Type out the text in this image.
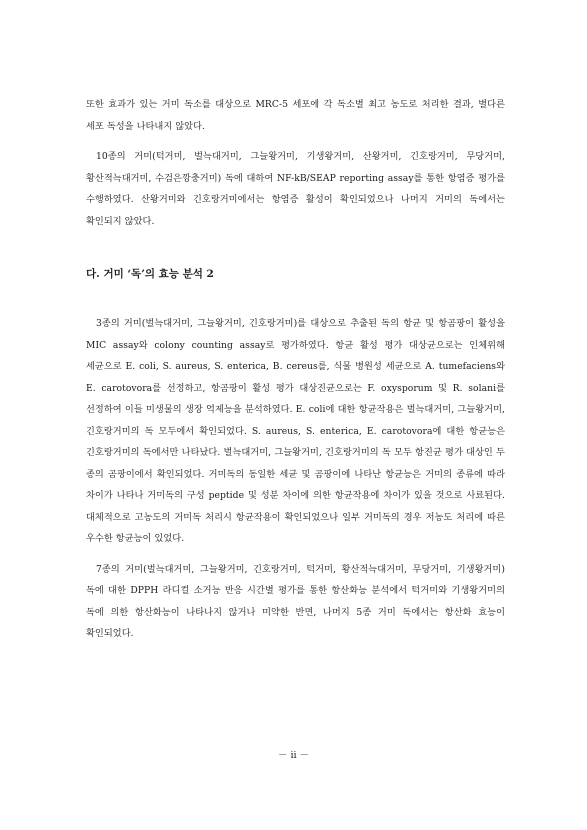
또한 효과가 있는 거미 독소를 대상으로 MRC-5 세포에 각 독소별 최고 농도로 처리한 결과, 별다른 세포 독성을 나타내지 않았다.

10종의 거미(턱거미, 벌늑대거미, 그늘왕거미, 기생왕거미, 산왕거미, 긴호랑거미, 무당거미, 황산적늑대거미, 수검은깡충거미) 독에 대하여 NF-kB/SEAP reporting assay를 통한 항염증 평가를 수행하였다. 산왕거미와 긴호랑거미에서는 항염증 활성이 확인되었으나 나머지 거미의 독에서는 확인되지 않았다.

다. 거미 ‘독’의 효능 분석 2

3종의 거미(벌늑대거미, 그늘왕거미, 긴호랑거미)를 대상으로 추출된 독의 항균 및 항곰팡이 활성을 MIC assay와 colony counting assay로 평가하였다. 항균 활성 평가 대상균으로는 인체위해 세균으로 E. coli, S. aureus, S. enterica, B. cereus를, 식물 병원성 세균으로 A. tumefaciens와 E. carotovora를 선정하고, 항곰팡이 활성 평가 대상진균으로는 F. oxysporum 및 R. solani를 선정하여 이들 미생물의 생장 억제능을 분석하였다. E. coli에 대한 항균작용은 벌늑대거미, 그늘왕거미, 긴호랑거미의 독 모두에서 확인되었다. S. aureus, S. enterica, E. carotovora에 대한 항균능은 긴호랑거미의 독에서만 나타났다. 벌늑대거미, 그늘왕거미, 긴호랑거미의 독 모두 항진균 평가 대상인 두 종의 곰팡이에서 확인되었다. 거미독의 동일한 세균 및 곰팡이에 나타난 항균능은 거미의 종류에 따라 차이가 나타나 거미독의 구성 peptide 및 성분 차이에 의한 항균작용에 차이가 있을 것으로 사료된다. 대체적으로 고농도의 거미독 처리시 항균작용이 확인되었으나 일부 거미독의 경우 저농도 처리에 따른 우수한 항균능이 있었다.

7종의 거미(벌늑대거미, 그늘왕거미, 긴호랑거미, 턱거미, 황산적늑대거미, 무당거미, 기생왕거미) 독에 대한 DPPH 라디컬 소거능 반응 시간별 평가를 통한 항산화능 분석에서 턱거미와 기생왕거미의 독에 의한 항산화능이 나타나지 않거나 미약한 반면, 나머지 5종 거미 독에서는 항산화 효능이 확인되었다.

－ ii －
